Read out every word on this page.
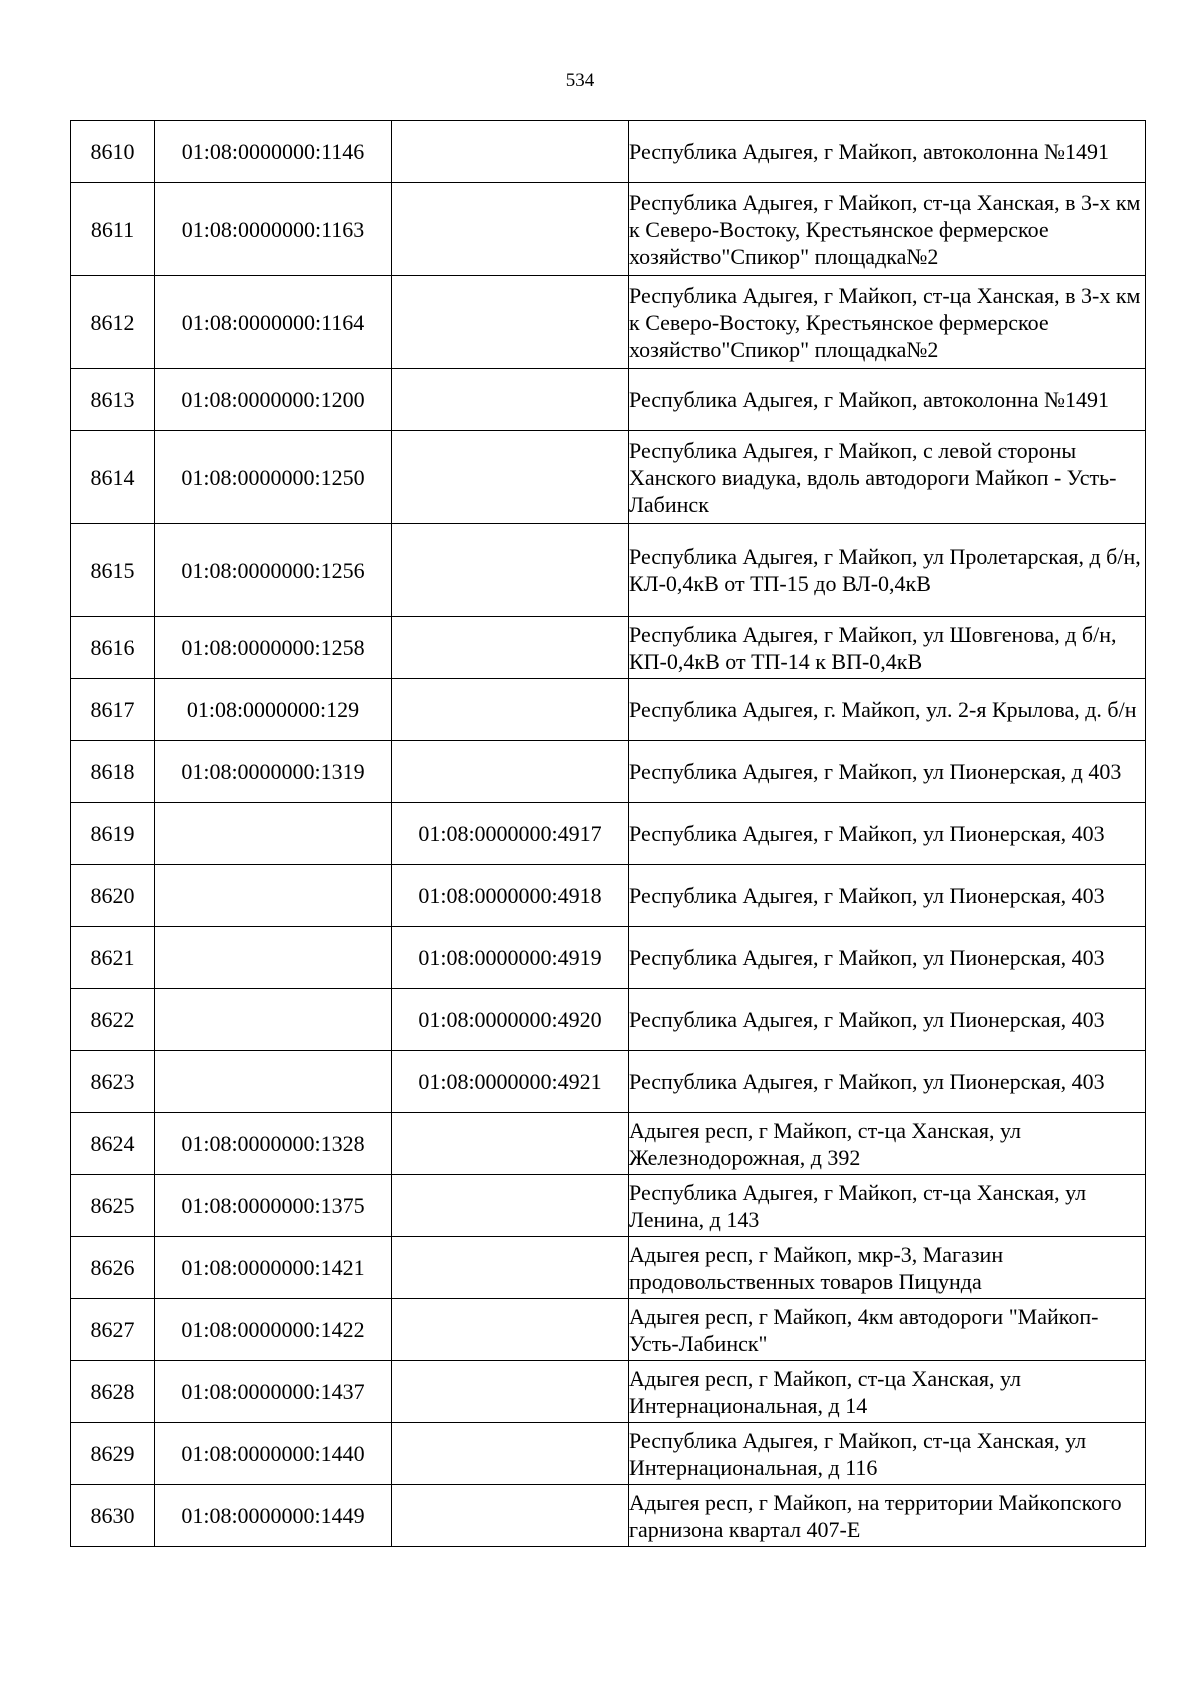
534
8610	01:08:0000000:1146		Республика Адыгея, г Майкоп, автоколонна №1491
8611	01:08:0000000:1163		Республика Адыгея, г Майкоп, ст-ца Ханская, в 3-х км к Северо-Востоку, Крестьянское фермерское хозяйство"Спикор" площадка№2
8612	01:08:0000000:1164		Республика Адыгея, г Майкоп, ст-ца Ханская, в 3-х км к Северо-Востоку, Крестьянское фермерское хозяйство"Спикор" площадка№2
8613	01:08:0000000:1200		Республика Адыгея, г Майкоп, автоколонна №1491
8614	01:08:0000000:1250		Республика Адыгея, г Майкоп, с левой стороны Ханского виадука, вдоль автодороги Майкоп - Усть-Лабинск
8615	01:08:0000000:1256		Республика Адыгея, г Майкоп, ул Пролетарская, д б/н, КЛ-0,4кВ от ТП-15 до ВЛ-0,4кВ
8616	01:08:0000000:1258		Республика Адыгея, г Майкоп, ул Шовгенова, д б/н, КП-0,4кВ от ТП-14 к ВП-0,4кВ
8617	01:08:0000000:129		Республика Адыгея, г. Майкоп, ул. 2-я Крылова, д. б/н
8618	01:08:0000000:1319		Республика Адыгея, г Майкоп, ул Пионерская, д 403
8619		01:08:0000000:4917	Республика Адыгея, г Майкоп, ул Пионерская, 403
8620		01:08:0000000:4918	Республика Адыгея, г Майкоп, ул Пионерская, 403
8621		01:08:0000000:4919	Республика Адыгея, г Майкоп, ул Пионерская, 403
8622		01:08:0000000:4920	Республика Адыгея, г Майкоп, ул Пионерская, 403
8623		01:08:0000000:4921	Республика Адыгея, г Майкоп, ул Пионерская, 403
8624	01:08:0000000:1328		Адыгея респ, г Майкоп, ст-ца Ханская, ул Железнодорожная, д 392
8625	01:08:0000000:1375		Республика Адыгея, г Майкоп, ст-ца Ханская, ул Ленина, д 143
8626	01:08:0000000:1421		Адыгея респ, г Майкоп, мкр-3, Магазин продовольственных товаров Пицунда
8627	01:08:0000000:1422		Адыгея респ, г Майкоп, 4км автодороги "Майкоп-Усть-Лабинск"
8628	01:08:0000000:1437		Адыгея респ, г Майкоп, ст-ца Ханская, ул Интернациональная, д 14
8629	01:08:0000000:1440		Республика Адыгея, г Майкоп, ст-ца Ханская, ул Интернациональная, д 116
8630	01:08:0000000:1449		Адыгея респ, г Майкоп, на территории Майкопского гарнизона квартал 407-Е
